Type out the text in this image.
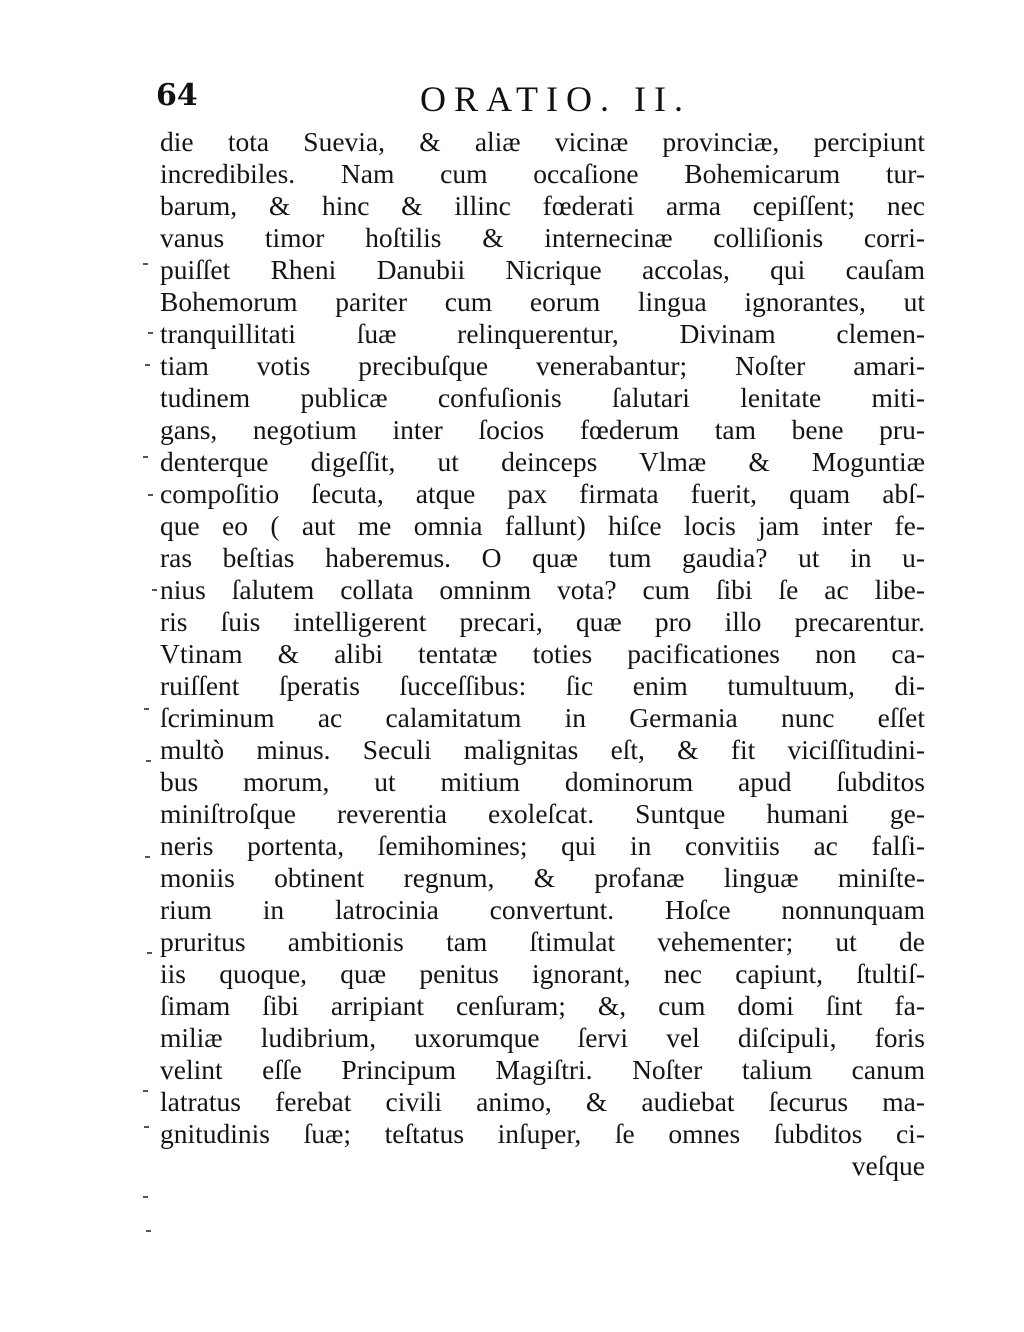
64	ORATIO. II.
die tota Suevia, & aliæ vicinæ provinciæ, percipiunt
incredibiles. Nam cum occaſione Bohemicarum tur-
barum, & hinc & illinc fœderati arma cepiſſent; nec
vanus timor hoſtilis & internecinæ colliſionis corri-
puiſſet Rheni Danubii Nicrique accolas, qui cauſam
Bohemorum pariter cum eorum lingua ignorantes, ut
tranquillitati ſuæ relinquerentur, Divinam clemen-
tiam votis precibuſque venerabantur; Noſter amari-
tudinem publicæ confuſionis ſalutari lenitate miti-
gans, negotium inter ſocios fœderum tam bene pru-
denterque digeſſit, ut deinceps Vlmæ & Moguntiæ
compoſitio ſecuta, atque pax firmata fuerit, quam abſ-
que eo ( aut me omnia fallunt) hiſce locis jam inter fe-
ras beſtias haberemus. O quæ tum gaudia? ut in u-
nius ſalutem collata omninm vota? cum ſibi ſe ac libe-
ris ſuis intelligerent precari, quæ pro illo precarentur.
Vtinam & alibi tentatæ toties pacificationes non ca-
ruiſſent ſperatis ſucceſſibus: ſic enim tumultuum, di-
ſcriminum ac calamitatum in Germania nunc eſſet
multò minus. Seculi malignitas eſt, & fit viciſſitudini-
bus morum, ut mitium dominorum apud ſubditos
miniſtroſque reverentia exoleſcat. Suntque humani ge-
neris portenta, ſemihomines; qui in convitiis ac falſi-
moniis obtinent regnum, & profanæ linguæ miniſte-
rium in latrocinia convertunt. Hoſce nonnunquam
pruritus ambitionis tam ſtimulat vehementer; ut de
iis quoque, quæ penitus ignorant, nec capiunt, ſtultiſ-
ſimam ſibi arripiant cenſuram; &, cum domi ſint fa-
miliæ ludibrium, uxorumque ſervi vel diſcipuli, foris
velint eſſe Principum Magiſtri. Noſter talium canum
latratus ferebat civili animo, & audiebat ſecurus ma-
gnitudinis ſuæ; teſtatus inſuper, ſe omnes ſubditos ci-
veſque
